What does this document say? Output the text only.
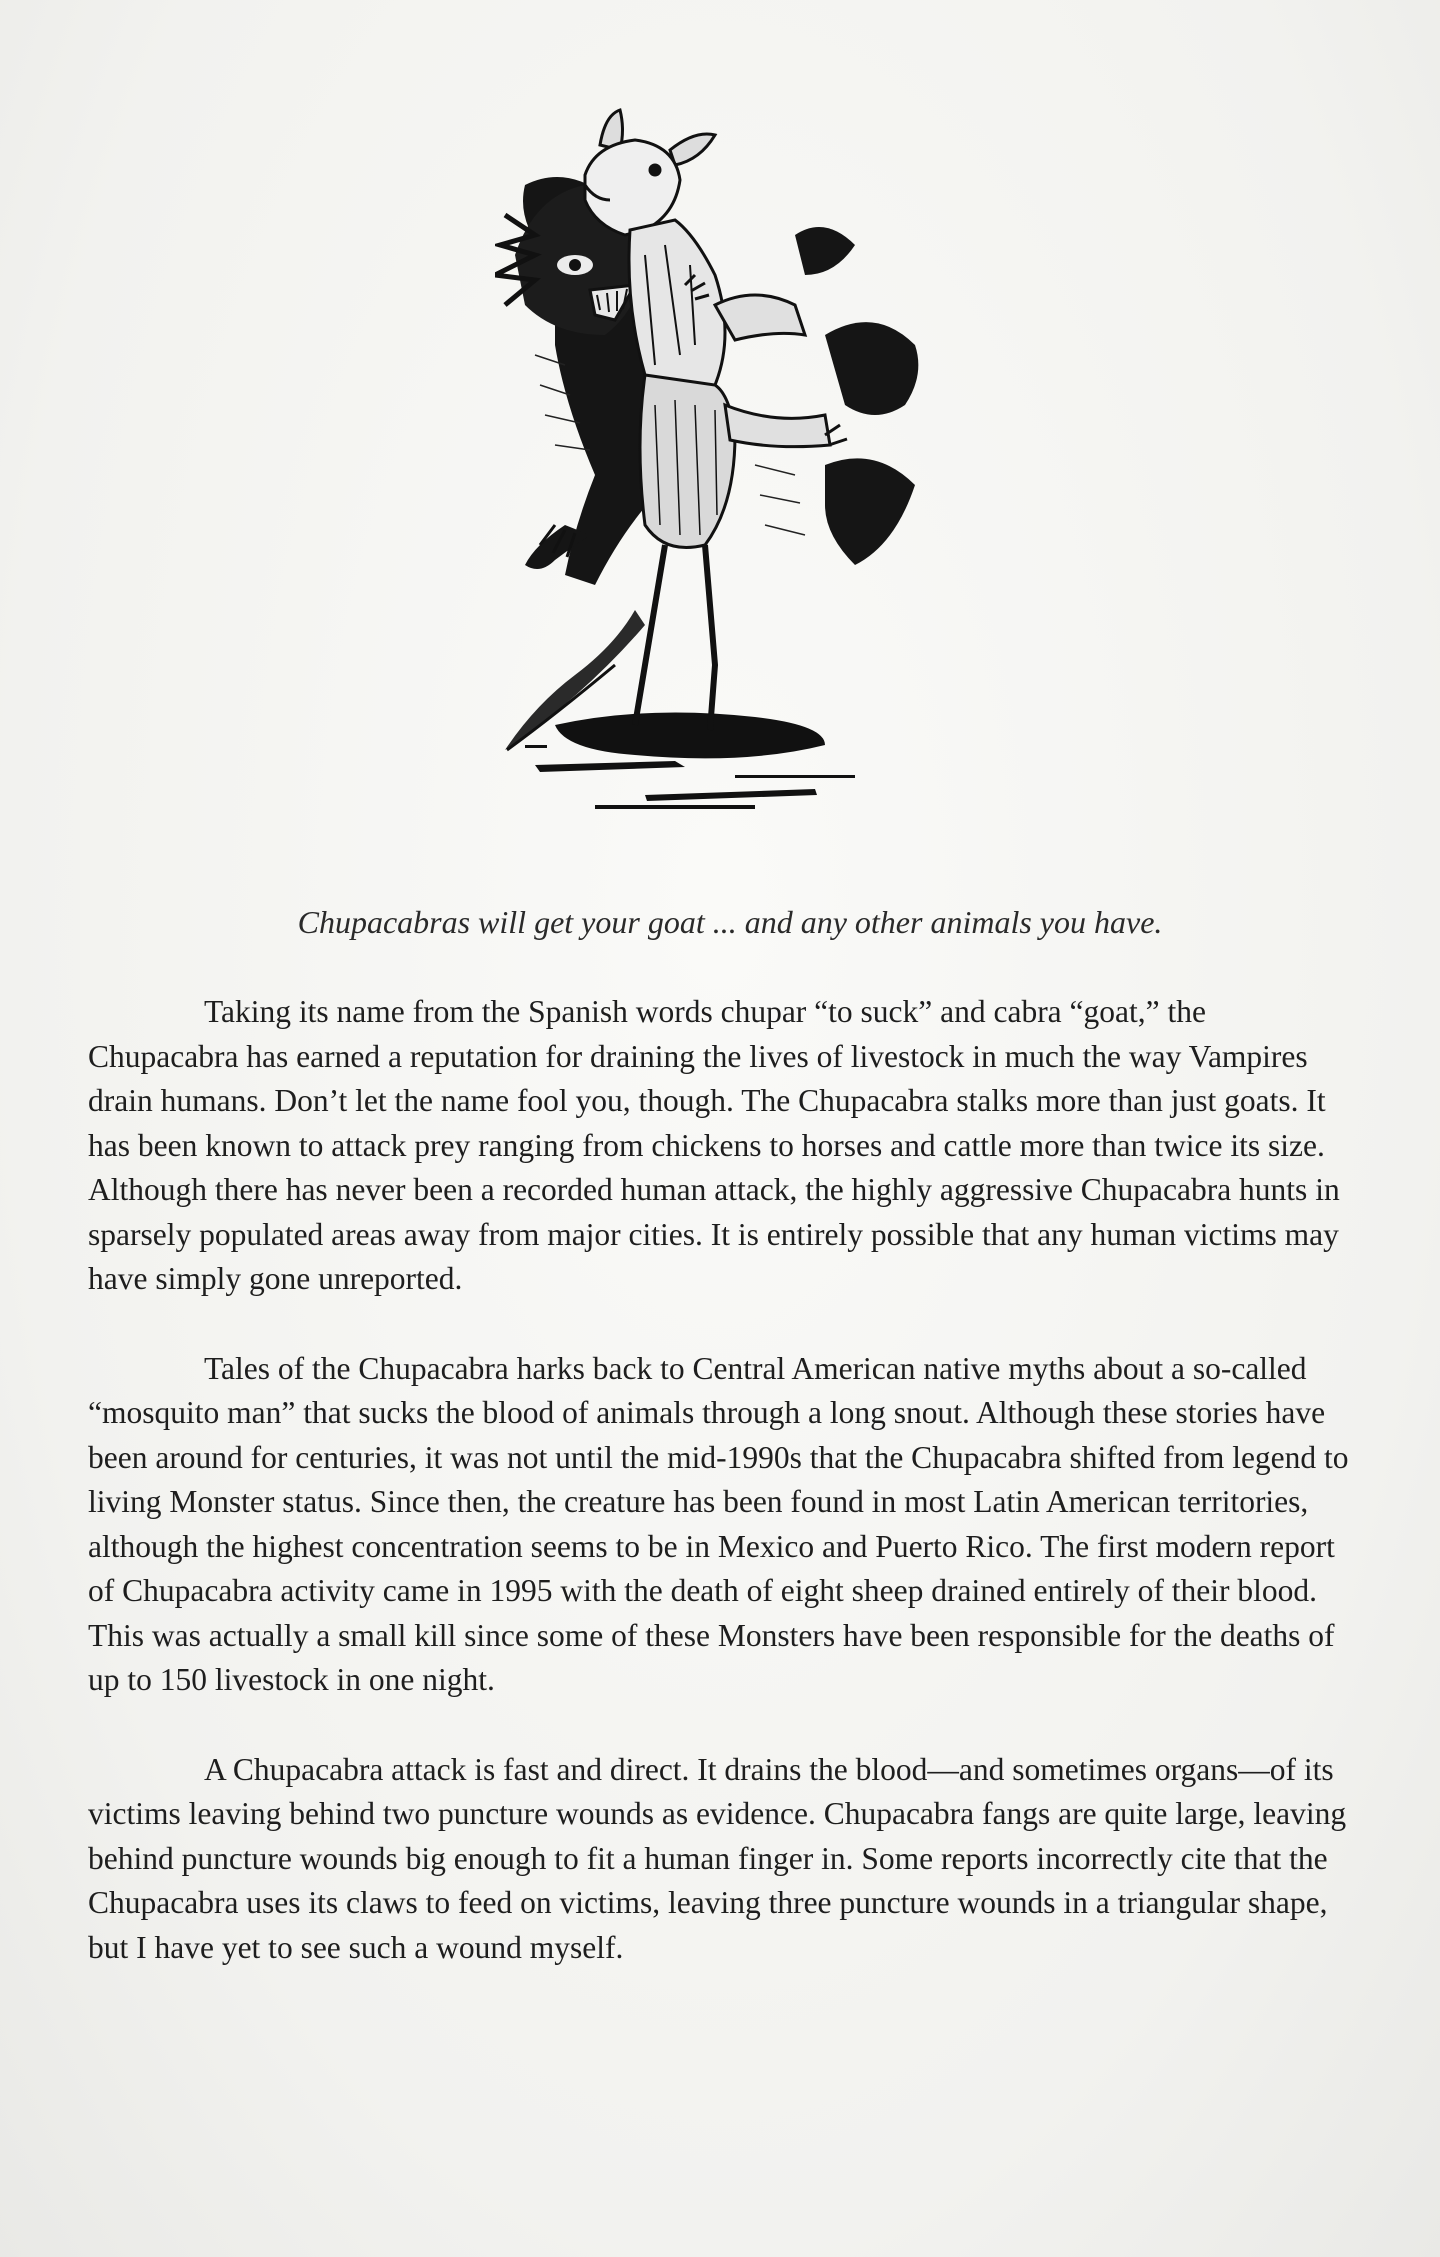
Chupacabras will get your goat ... and any other animals you have.

Taking its name from the Spanish words chupar “to suck” and cabra “goat,” the Chupacabra has earned a reputation for draining the lives of livestock in much the way Vampires drain humans. Don’t let the name fool you, though. The Chupacabra stalks more than just goats. It has been known to attack prey ranging from chickens to horses and cattle more than twice its size. Although there has never been a recorded human attack, the highly aggressive Chupacabra hunts in sparsely populated areas away from major cities. It is entirely possible that any human victims may have simply gone unreported.

Tales of the Chupacabra harks back to Central American native myths about a so-called “mosquito man” that sucks the blood of animals through a long snout. Although these stories have been around for centuries, it was not until the mid-1990s that the Chupacabra shifted from legend to living Monster status. Since then, the creature has been found in most Latin American territories, although the highest concentration seems to be in Mexico and Puerto Rico. The first modern report of Chupacabra activity came in 1995 with the death of eight sheep drained entirely of their blood. This was actually a small kill since some of these Monsters have been responsible for the deaths of up to 150 livestock in one night.

A Chupacabra attack is fast and direct. It drains the blood—and sometimes organs—of its victims leaving behind two puncture wounds as evidence. Chupacabra fangs are quite large, leaving behind puncture wounds big enough to fit a human finger in. Some reports incorrectly cite that the Chupacabra uses its claws to feed on victims, leaving three puncture wounds in a triangular shape, but I have yet to see such a wound myself.
